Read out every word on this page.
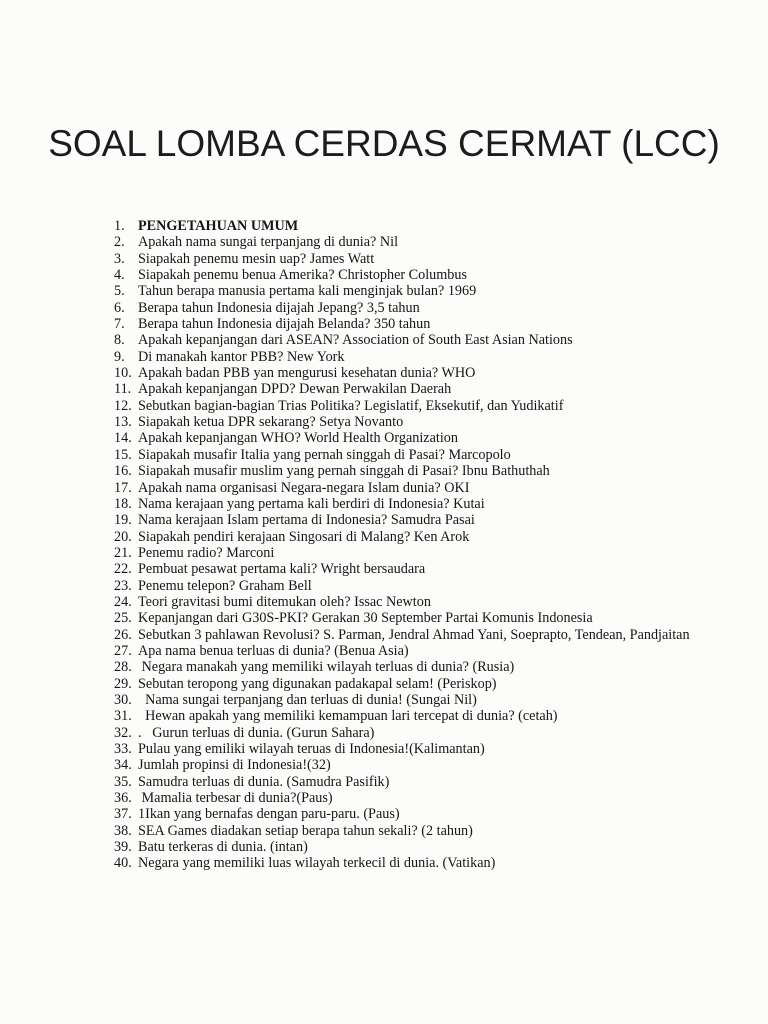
SOAL LOMBA CERDAS CERMAT (LCC)
1. PENGETAHUAN UMUM
2. Apakah nama sungai terpanjang di dunia? Nil
3. Siapakah penemu mesin uap? James Watt
4. Siapakah penemu benua Amerika? Christopher Columbus
5. Tahun berapa manusia pertama kali menginjak bulan? 1969
6. Berapa tahun Indonesia dijajah Jepang? 3,5 tahun
7. Berapa tahun Indonesia dijajah Belanda? 350 tahun
8. Apakah kepanjangan dari ASEAN? Association of South East Asian Nations
9. Di manakah kantor PBB? New York
10. Apakah badan PBB yan mengurusi kesehatan dunia? WHO
11. Apakah kepanjangan DPD? Dewan Perwakilan Daerah
12. Sebutkan bagian-bagian Trias Politika? Legislatif, Eksekutif, dan Yudikatif
13. Siapakah ketua DPR sekarang? Setya Novanto
14. Apakah kepanjangan WHO? World Health Organization
15. Siapakah musafir Italia yang pernah singgah di Pasai? Marcopolo
16. Siapakah musafir muslim yang pernah singgah di Pasai? Ibnu Bathuthah
17. Apakah nama organisasi Negara-negara Islam dunia? OKI
18. Nama kerajaan yang pertama kali berdiri di Indonesia? Kutai
19. Nama kerajaan Islam pertama di Indonesia? Samudra Pasai
20. Siapakah pendiri kerajaan Singosari di Malang? Ken Arok
21. Penemu radio? Marconi
22. Pembuat pesawat pertama kali? Wright bersaudara
23. Penemu telepon? Graham Bell
24. Teori gravitasi bumi ditemukan oleh? Issac Newton
25. Kepanjangan dari G30S-PKI? Gerakan 30 September Partai Komunis Indonesia
26. Sebutkan 3 pahlawan Revolusi? S. Parman, Jendral Ahmad Yani, Soeprapto, Tendean, Pandjaitan
27. Apa nama benua terluas di dunia? (Benua Asia)
28. Negara manakah yang memiliki wilayah terluas di dunia? (Rusia)
29. Sebutan teropong yang digunakan padakapal selam! (Periskop)
30. Nama sungai terpanjang dan terluas di dunia! (Sungai Nil)
31. Hewan apakah yang memiliki kemampuan lari tercepat di dunia? (cetah)
32. .   Gurun terluas di dunia. (Gurun Sahara)
33. Pulau yang emiliki wilayah teruas di Indonesia!(Kalimantan)
34. Jumlah propinsi di Indonesia!(32)
35. Samudra terluas di dunia. (Samudra Pasifik)
36. Mamalia terbesar di dunia?(Paus)
37. 1Ikan yang bernafas dengan paru-paru. (Paus)
38. SEA Games diadakan setiap berapa tahun sekali? (2 tahun)
39. Batu terkeras di dunia. (intan)
40. Negara yang memiliki luas wilayah terkecil di dunia. (Vatikan)
